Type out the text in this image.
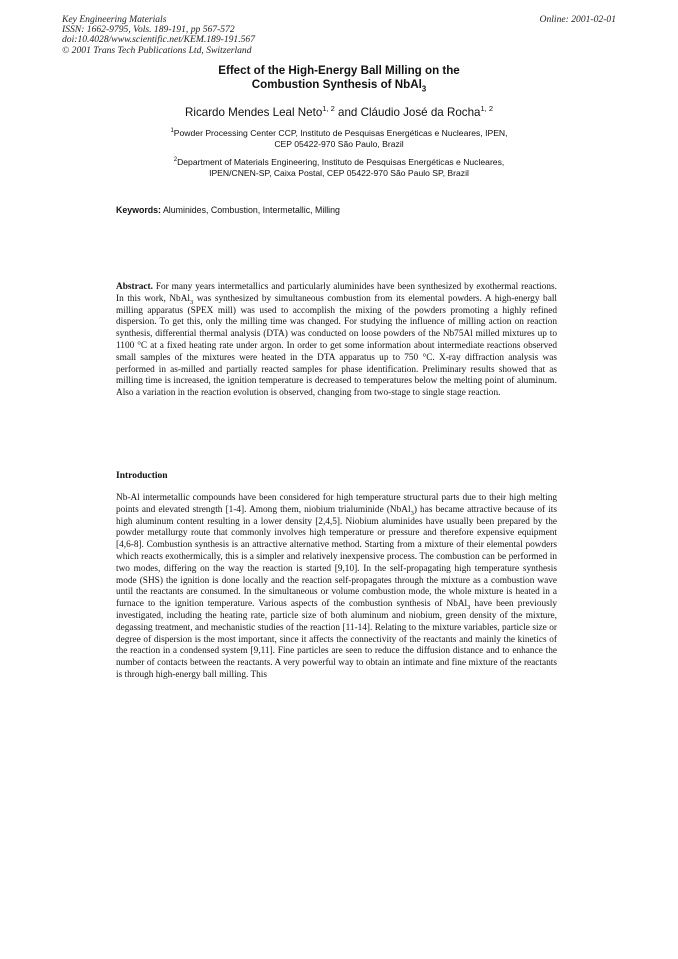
Key Engineering Materials
ISSN: 1662-9795, Vols. 189-191, pp 567-572
doi:10.4028/www.scientific.net/KEM.189-191.567
© 2001 Trans Tech Publications Ltd, Switzerland
Online: 2001-02-01
Effect of the High-Energy Ball Milling on the
Combustion Synthesis of NbAl$_3$
Ricardo Mendes Leal Neto$^{1, 2}$ and Cláudio José da Rocha$^{1, 2}$
$^1$Powder Processing Center CCP, Instituto de Pesquisas Energéticas e Nucleares, IPEN,
CEP 05422-970 São Paulo, Brazil
$^2$Department of Materials Engineering, Instituto de Pesquisas Energéticas e Nucleares,
IPEN/CNEN-SP, Caixa Postal, CEP 05422-970 São Paulo SP, Brazil
Keywords: Aluminides, Combustion, Intermetallic, Milling
Abstract. For many years intermetallics and particularly aluminides have been synthesized by exothermal reactions. In this work, NbAl$_3$ was synthesized by simultaneous combustion from its elemental powders. A high-energy ball milling apparatus (SPEX mill) was used to accomplish the mixing of the powders promoting a highly refined dispersion. To get this, only the milling time was changed. For studying the influence of milling action on reaction synthesis, differential thermal analysis (DTA) was conducted on loose powders of the Nb75Al milled mixtures up to 1100 °C at a fixed heating rate under argon. In order to get some information about intermediate reactions observed small samples of the mixtures were heated in the DTA apparatus up to 750 °C. X-ray diffraction analysis was performed in as-milled and partially reacted samples for phase identification. Preliminary results showed that as milling time is increased, the ignition temperature is decreased to temperatures below the melting point of aluminum. Also a variation in the reaction evolution is observed, changing from two-stage to single stage reaction.
Introduction
Nb-Al intermetallic compounds have been considered for high temperature structural parts due to their high melting points and elevated strength [1-4]. Among them, niobium trialuminide (NbAl$_3$) has became attractive because of its high aluminum content resulting in a lower density [2,4,5]. Niobium aluminides have usually been prepared by the powder metallurgy route that commonly involves high temperature or pressure and therefore expensive equipment [4,6-8]. Combustion synthesis is an attractive alternative method. Starting from a mixture of their elemental powders which reacts exothermically, this is a simpler and relatively inexpensive process. The combustion can be performed in two modes, differing on the way the reaction is started [9,10]. In the self-propagating high temperature synthesis mode (SHS) the ignition is done locally and the reaction self-propagates through the mixture as a combustion wave until the reactants are consumed. In the simultaneous or volume combustion mode, the whole mixture is heated in a furnace to the ignition temperature. Various aspects of the combustion synthesis of NbAl$_3$ have been previously investigated, including the heating rate, particle size of both aluminum and niobium, green density of the mixture, degassing treatment, and mechanistic studies of the reaction [11-14]. Relating to the mixture variables, particle size or degree of dispersion is the most important, since it affects the connectivity of the reactants and mainly the kinetics of the reaction in a condensed system [9,11]. Fine particles are seen to reduce the diffusion distance and to enhance the number of contacts between the reactants. A very powerful way to obtain an intimate and fine mixture of the reactants is through high-energy ball milling. This
